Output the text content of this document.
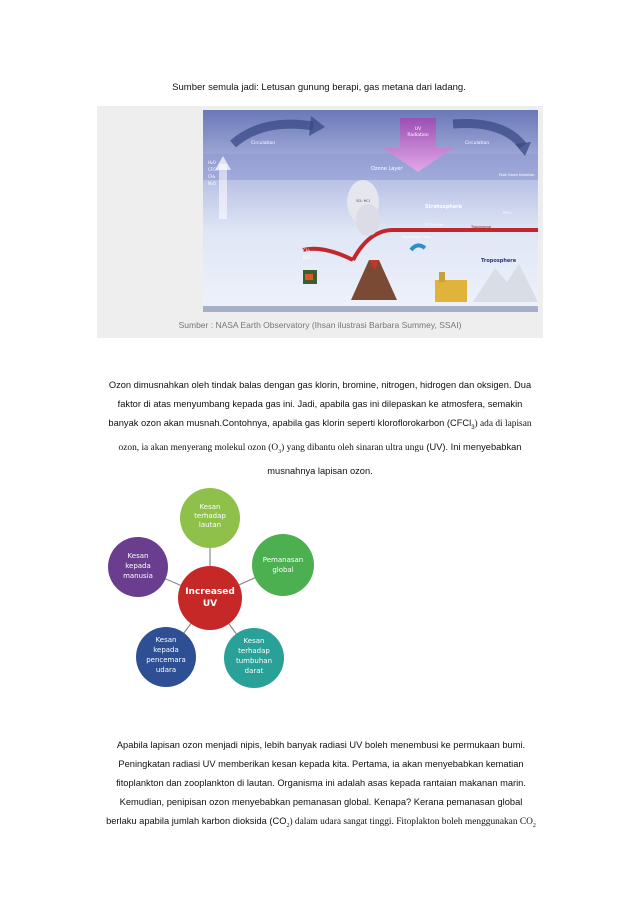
Sumber semula jadi: Letusan gunung berapi, gas metana dari ladang.
Circulation	Circulation
UV
Radiation
Ozone Layer
Polar Ozone Depletion
Stratosphere
PSCs
H₂O
CFCs
CH₄
N₂O
Tropopause
Tropopause Folds
O₃ Rich Air
Troposphere
SO₂ HCl
CH₄
N₂O
Sumber : NASA Earth Observatory (Ihsan ilustrasi Barbara Summey, SSAI)
Ozon dimusnahkan oleh tindak balas dengan gas klorin, bromine, nitrogen, hidrogen dan oksigen. Dua
faktor di atas menyumbang kepada gas ini. Jadi, apabila gas ini dilepaskan ke atmosfera, semakin
banyak ozon akan musnah.Contohnya, apabila gas klorin seperti kloroflorokarbon (CFCl$_3$) ada di lapisan
ozon, ia akan menyerang molekul ozon $(O_3)$ yang dibantu oleh sinaran ultra ungu (UV). Ini menyebabkan
musnahnya lapisan ozon.
Kesan
terhadap
lautan
Pemanasan
global
Kesan
terhadap
tumbuhan
darat
Kesan
kepada
pencemara
udara
Kesan
kepada
manusia
Increased
UV
Apabila lapisan ozon menjadi nipis, lebih banyak radiasi UV boleh menembusi ke permukaan bumi.
Peningkatan radiasi UV memberikan kesan kepada kita. Pertama, ia akan menyebabkan kematian
fitoplankton dan zooplankton di lautan. Organisma ini adalah asas kepada rantaian makanan marin.
Kemudian, penipisan ozon menyebabkan pemanasan global. Kenapa? Kerana pemanasan global
berlaku apabila jumlah karbon dioksida $(CO_2)$ dalam udara sangat tinggi. Fitoplakton boleh menggunakan $CO_2$
